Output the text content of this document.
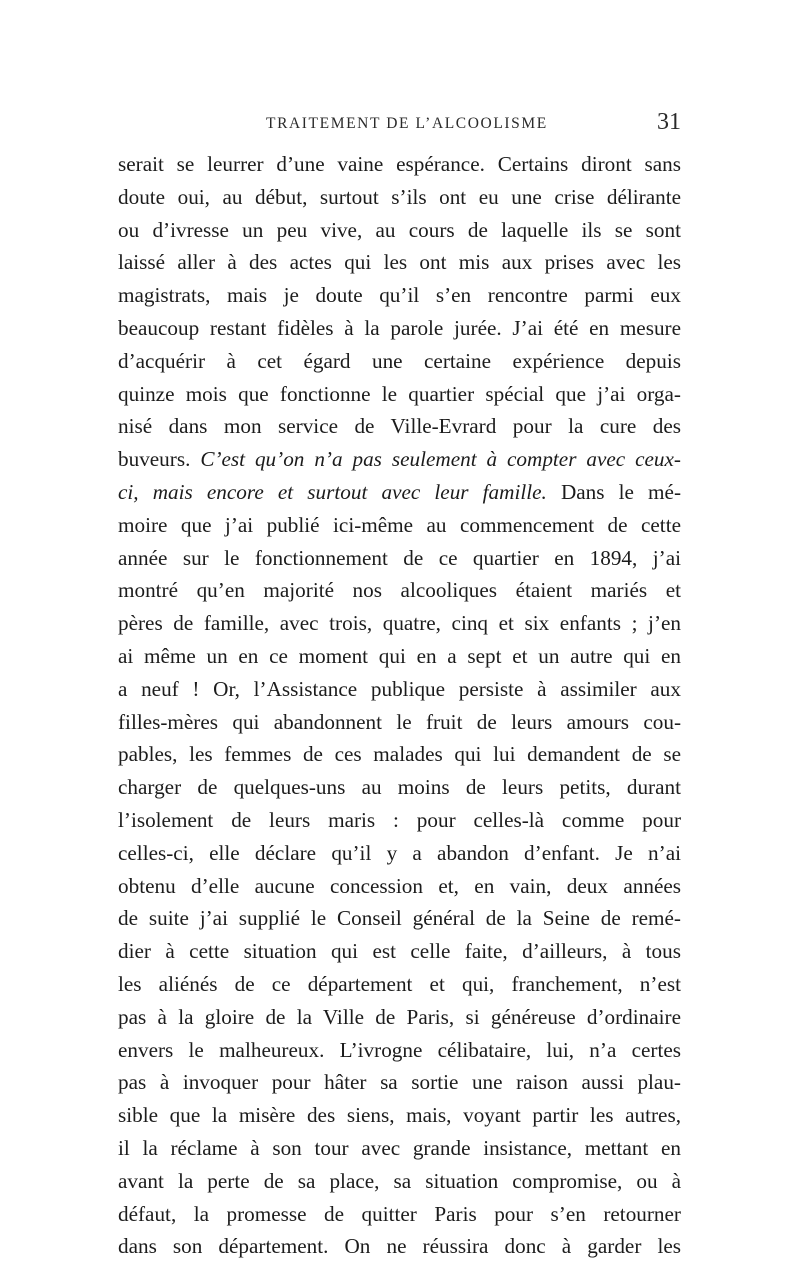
TRAITEMENT DE L’ALCOOLISME	31
serait se leurrer d’une vaine espérance. Certains diront sans
doute oui, au début, surtout s’ils ont eu une crise délirante
ou d’ivresse un peu vive, au cours de laquelle ils se sont
laissé aller à des actes qui les ont mis aux prises avec les
magistrats, mais je doute qu’il s’en rencontre parmi eux
beaucoup restant fidèles à la parole jurée. J’ai été en mesure
d’acquérir à cet égard une certaine expérience depuis
quinze mois que fonctionne le quartier spécial que j’ai orga-
nisé dans mon service de Ville-Evrard pour la cure des
buveurs. C’est qu’on n’a pas seulement à compter avec ceux-
ci, mais encore et surtout avec leur famille. Dans le mé-
moire que j’ai publié ici-même au commencement de cette
année sur le fonctionnement de ce quartier en 1894, j’ai
montré qu’en majorité nos alcooliques étaient mariés et
pères de famille, avec trois, quatre, cinq et six enfants ; j’en
ai même un en ce moment qui en a sept et un autre qui en
a neuf ! Or, l’Assistance publique persiste à assimiler aux
filles-mères qui abandonnent le fruit de leurs amours cou-
pables, les femmes de ces malades qui lui demandent de se
charger de quelques-uns au moins de leurs petits, durant
l’isolement de leurs maris : pour celles-là comme pour
celles-ci, elle déclare qu’il y a abandon d’enfant. Je n’ai
obtenu d’elle aucune concession et, en vain, deux années
de suite j’ai supplié le Conseil général de la Seine de remé-
dier à cette situation qui est celle faite, d’ailleurs, à tous
les aliénés de ce département et qui, franchement, n’est
pas à la gloire de la Ville de Paris, si généreuse d’ordinaire
envers le malheureux. L’ivrogne célibataire, lui, n’a certes
pas à invoquer pour hâter sa sortie une raison aussi plau-
sible que la misère des siens, mais, voyant partir les autres,
il la réclame à son tour avec grande insistance, mettant en
avant la perte de sa place, sa situation compromise, ou à
défaut, la promesse de quitter Paris pour s’en retourner
dans son département. On ne réussira donc à garder les
